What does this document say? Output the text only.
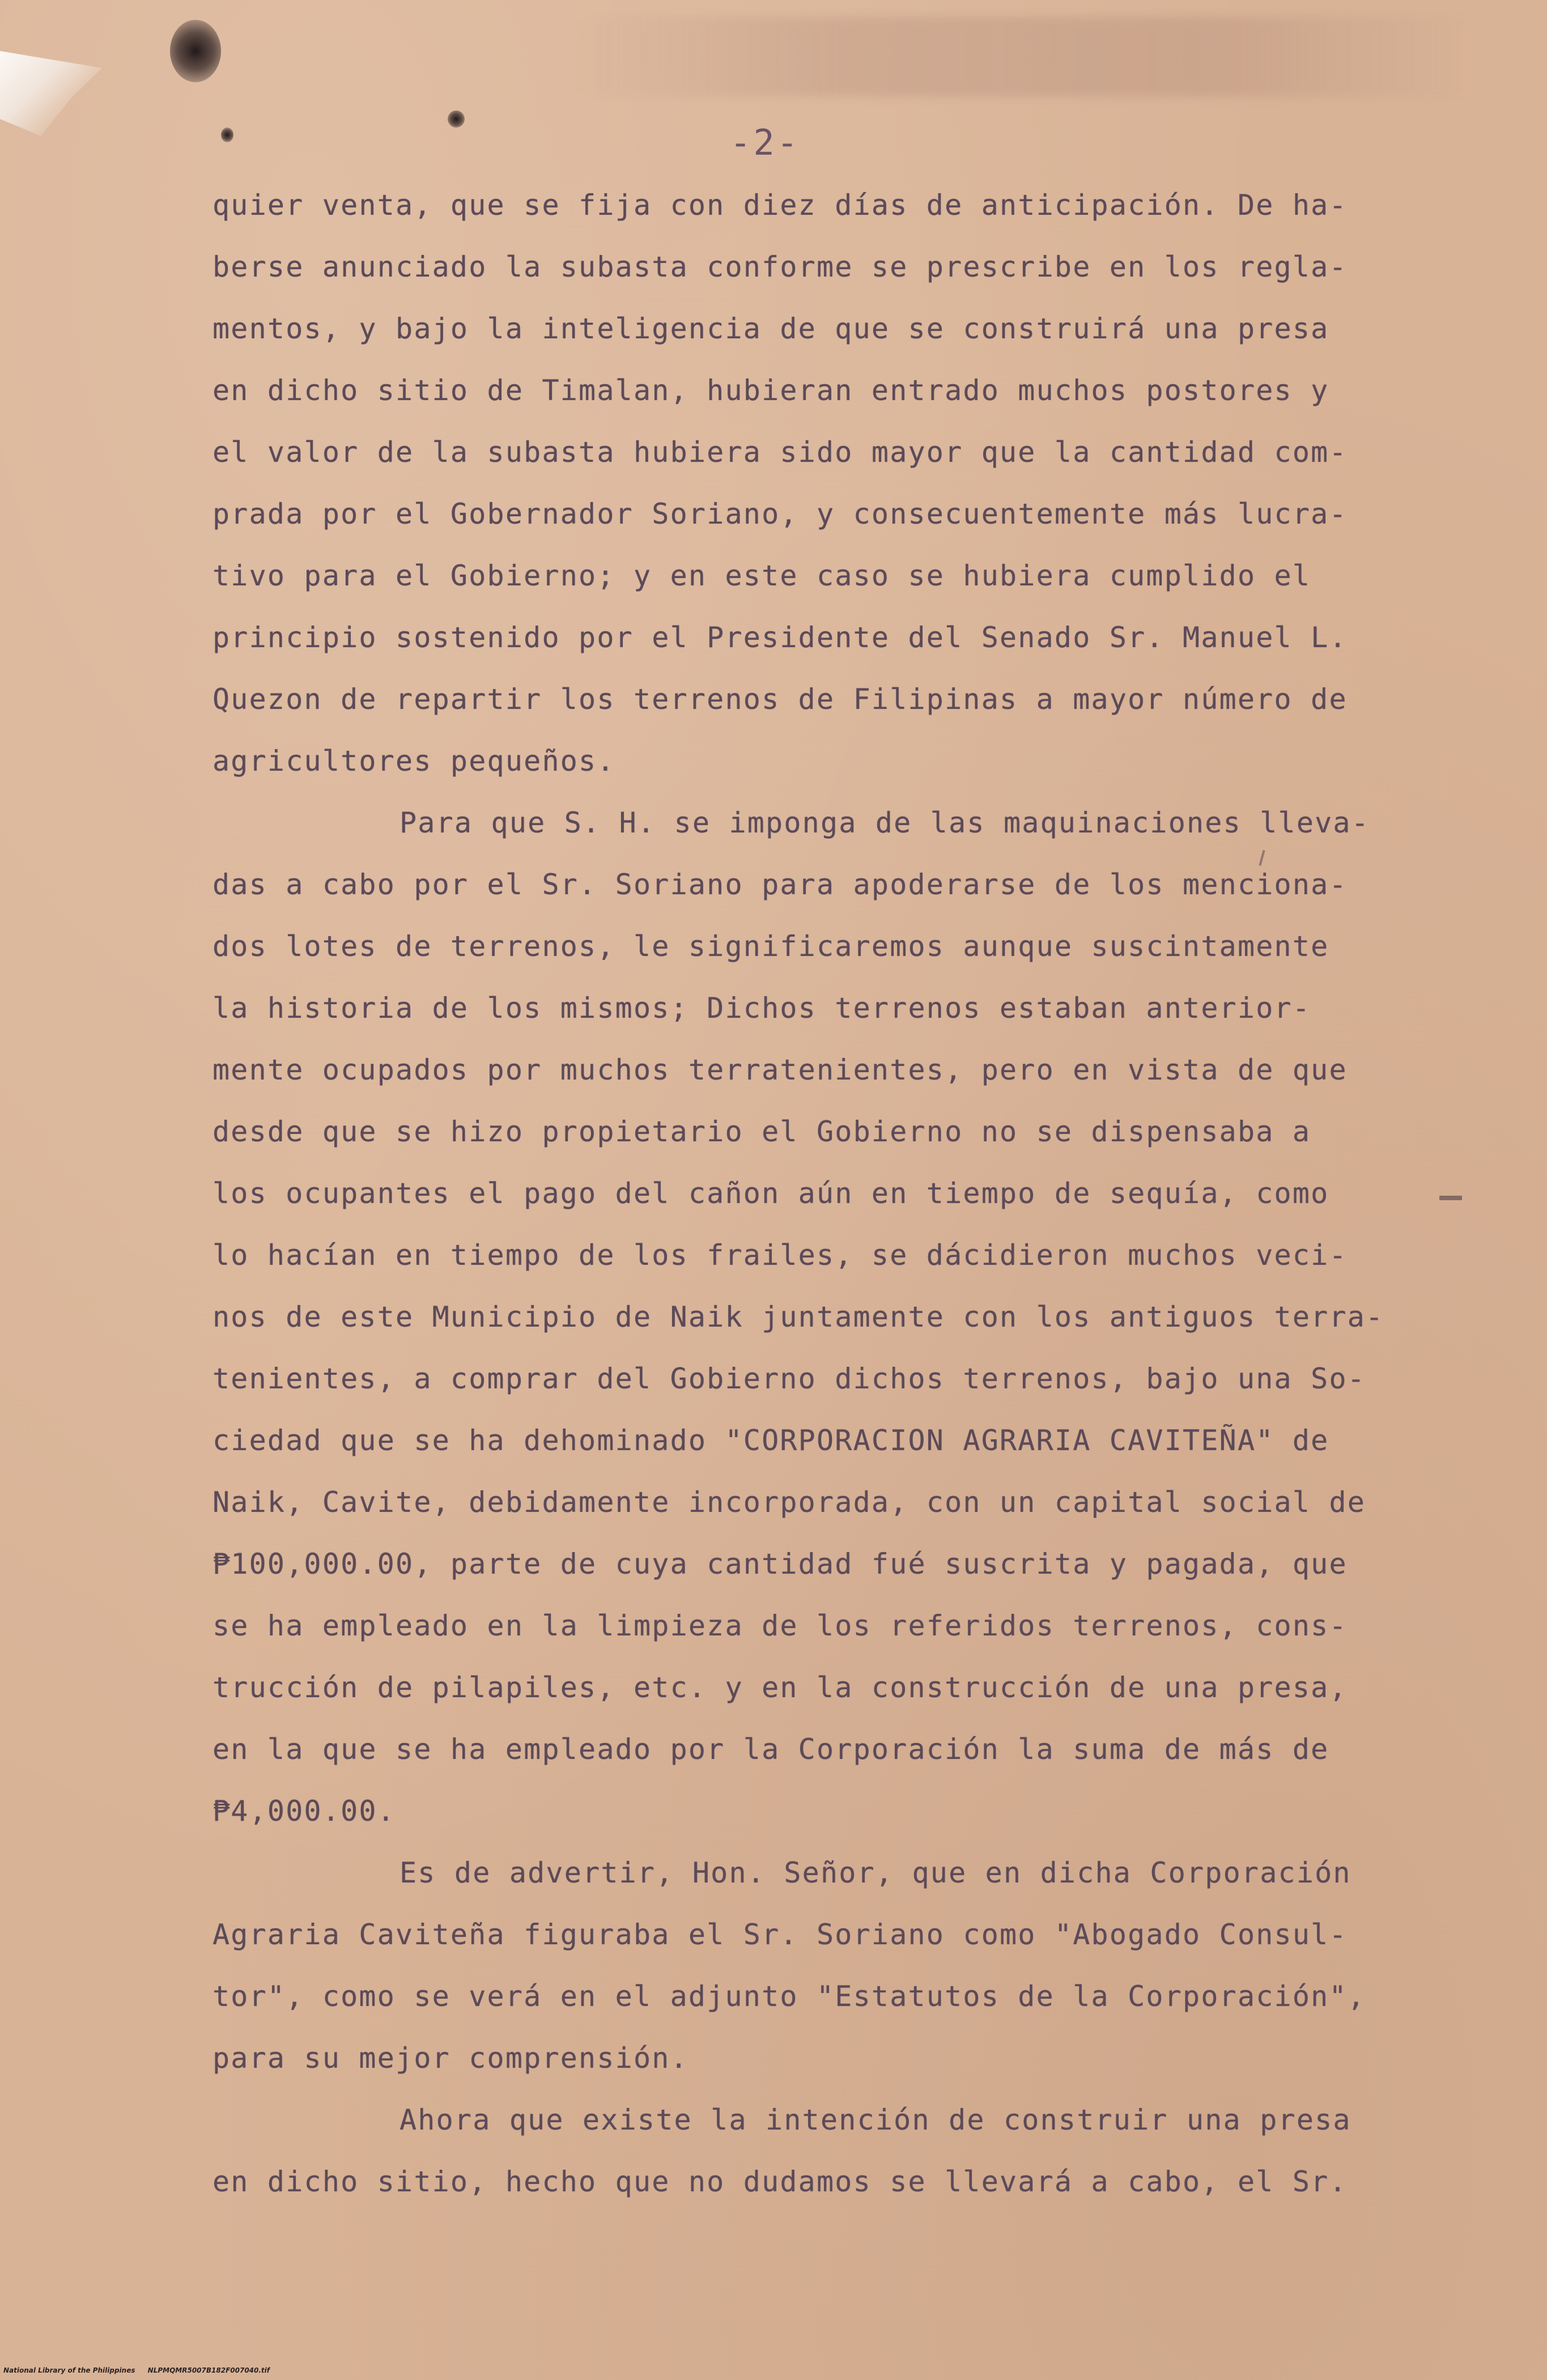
-2-
quier venta, que se fija con diez días de anticipación. De ha-
berse anunciado la subasta conforme se prescribe en los regla-
mentos, y bajo la inteligencia de que se construirá una presa
en dicho sitio de Timalan, hubieran entrado muchos postores y
el valor de la subasta hubiera sido mayor que la cantidad com-
prada por el Gobernador Soriano, y consecuentemente más lucra-
tivo para el Gobierno; y en este caso se hubiera cumplido el
principio sostenido por el Presidente del Senado Sr. Manuel L.
Quezon de repartir los terrenos de Filipinas a mayor número de
agricultores pequeños.
Para que S. H. se imponga de las maquinaciones lleva-
das a cabo por el Sr. Soriano para apoderarse de los menciona-
dos lotes de terrenos, le significaremos aunque suscintamente
la historia de los mismos; Dichos terrenos estaban anterior-
mente ocupados por muchos terratenientes, pero en vista de que
desde que se hizo propietario el Gobierno no se dispensaba a
los ocupantes el pago del cañon aún en tiempo de sequía, como
lo hacían en tiempo de los frailes, se dácidieron muchos veci-
nos de este Municipio de Naik juntamente con los antiguos terra-
tenientes, a comprar del Gobierno dichos terrenos, bajo una So-
ciedad que se ha dehominado "CORPORACION AGRARIA CAVITEÑA" de
Naik, Cavite, debidamente incorporada, con un capital social de
₱100,000.00, parte de cuya cantidad fué suscrita y pagada, que
se ha empleado en la limpieza de los referidos terrenos, cons-
trucción de pilapiles, etc. y en la construcción de una presa,
en la que se ha empleado por la Corporación la suma de más de
₱4,000.00.
Es de advertir, Hon. Señor, que en dicha Corporación
Agraria Caviteña figuraba el Sr. Soriano como "Abogado Consul-
tor", como se verá en el adjunto "Estatutos de la Corporación",
para su mejor comprensión.
Ahora que existe la intención de construir una presa
en dicho sitio, hecho que no dudamos se llevará a cabo, el Sr.
National Library of the Philippines NLPMQMR5007B182F007040.tif
